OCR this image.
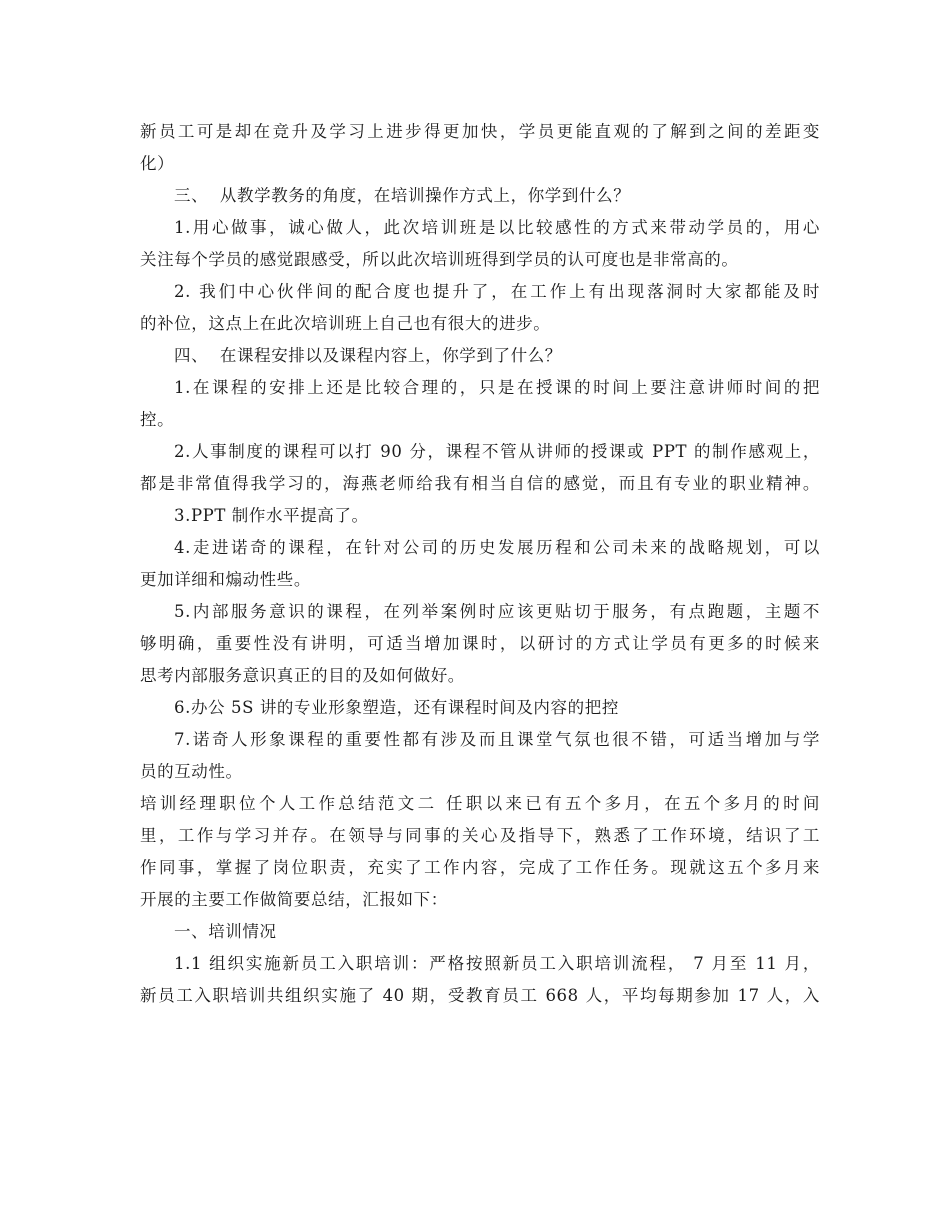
新员工可是却在竞升及学习上进步得更加快，学员更能直观的了解到之间的差距变
化）
三、  从教学教务的角度，在培训操作方式上，你学到什么？
1.用心做事，诚心做人，此次培训班是以比较感性的方式来带动学员的，用心
关注每个学员的感觉跟感受，所以此次培训班得到学员的认可度也是非常高的。
2. 我们中心伙伴间的配合度也提升了，在工作上有出现落洞时大家都能及时
的补位，这点上在此次培训班上自己也有很大的进步。
四、  在课程安排以及课程内容上，你学到了什么？
1.在课程的安排上还是比较合理的，只是在授课的时间上要注意讲师时间的把
控。
2.人事制度的课程可以打 90 分，课程不管从讲师的授课或 PPT 的制作感观上，
都是非常值得我学习的，海燕老师给我有相当自信的感觉，而且有专业的职业精神。
3.PPT 制作水平提高了。
4.走进诺奇的课程，在针对公司的历史发展历程和公司未来的战略规划，可以
更加详细和煽动性些。
5.内部服务意识的课程，在列举案例时应该更贴切于服务，有点跑题，主题不
够明确，重要性没有讲明，可适当增加课时，以研讨的方式让学员有更多的时候来
思考内部服务意识真正的目的及如何做好。
6.办公 5S 讲的专业形象塑造，还有课程时间及内容的把控
7.诺奇人形象课程的重要性都有涉及而且课堂气氛也很不错，可适当增加与学
员的互动性。
培训经理职位个人工作总结范文二 任职以来已有五个多月，在五个多月的时间
里，工作与学习并存。在领导与同事的关心及指导下，熟悉了工作环境，结识了工
作同事，掌握了岗位职责，充实了工作内容，完成了工作任务。现就这五个多月来
开展的主要工作做简要总结，汇报如下：
一、培训情况
1.1 组织实施新员工入职培训：严格按照新员工入职培训流程， 7 月至 11 月，
新员工入职培训共组织实施了 40 期，受教育员工 668 人，平均每期参加 17 人，入
